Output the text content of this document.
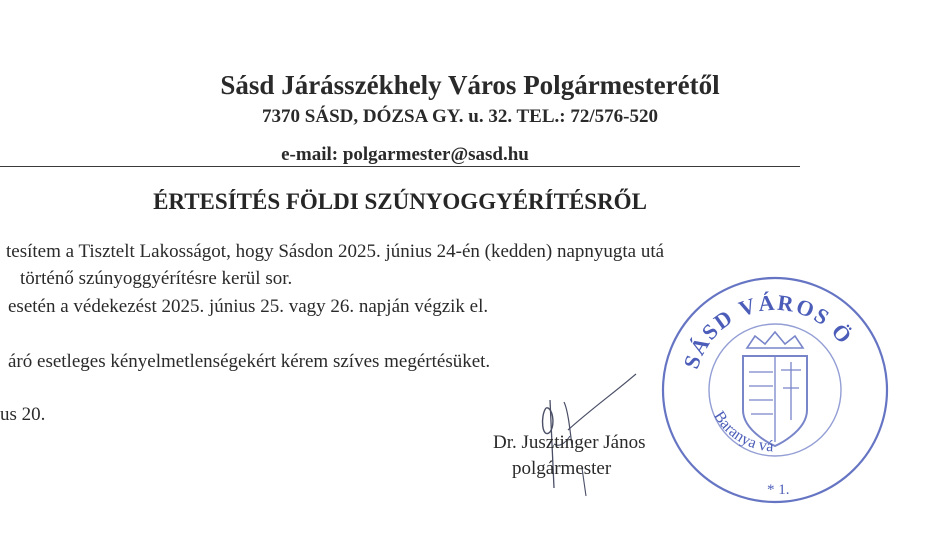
Sásd Járásszékhely Város Polgármesterétől
7370 SÁSD, DÓZSA GY. u. 32. TEL.: 72/576-520
e-mail: polgarmester@sasd.hu
ÉRTESÍTÉS FÖLDI SZÚNYOGGYÉRÍTÉSRŐL
tesítem a Tisztelt Lakosságot, hogy Sásdon 2025. június 24-én (kedden) napnyugta utá
történő szúnyoggyérítésre kerül sor.
esetén a védekezést 2025. június 25. vagy 26. napján végzik el.
áró esetleges kényelmetlenségekért kérem szíves megértésüket.
us 20.
Dr. Jusztinger János
polgármester
SÁSD VÁROS Ö
Baranya vá
* 1.
